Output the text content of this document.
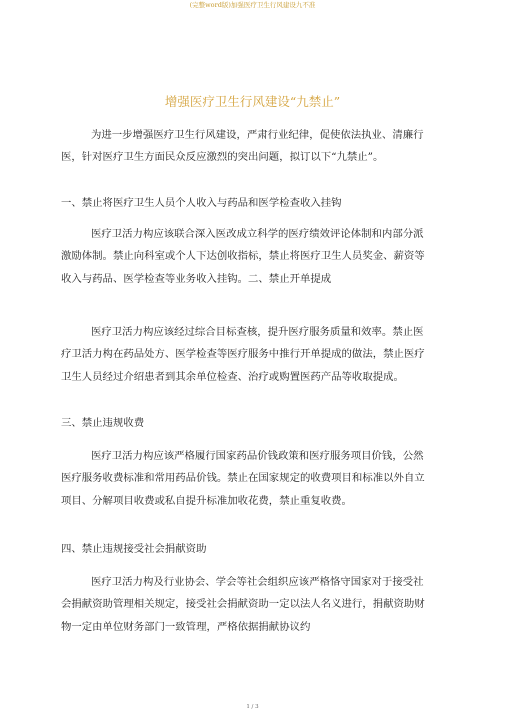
(完整word版)加强医疗卫生行风建设九不准
增强医疗卫生行风建设“九禁止”

为进一步增强医疗卫生行风建设，严肃行业纪律，促使依法执业、清廉行医，针对医疗卫生方面民众反应激烈的突出问题，拟订以下“九禁止”。

一、禁止将医疗卫生人员个人收入与药品和医学检查收入挂钩

医疗卫活力构应该联合深入医改成立科学的医疗绩效评论体制和内部分派激励体制。禁止向科室或个人下达创收指标，禁止将医疗卫生人员奖金、薪资等收入与药品、医学检查等业务收入挂钩。二、禁止开单提成

医疗卫活力构应该经过综合目标查核，提升医疗服务质量和效率。禁止医疗卫活力构在药品处方、医学检查等医疗服务中推行开单提成的做法，禁止医疗卫生人员经过介绍患者到其余单位检查、治疗或购置医药产品等收取提成。

三、禁止违规收费

医疗卫活力构应该严格履行国家药品价钱政策和医疗服务项目价钱，公然医疗服务收费标准和常用药品价钱。禁止在国家规定的收费项目和标准以外自立项目、分解项目收费或私自提升标准加收花费，禁止重复收费。

四、禁止违规接受社会捐献资助

医疗卫活力构及行业协会、学会等社会组织应该严格恪守国家对于接受社会捐献资助管理相关规定，接受社会捐献资助一定以法人名义进行，捐献资助财物一定由单位财务部门一致管理，严格依据捐献协议约

1 / 3
